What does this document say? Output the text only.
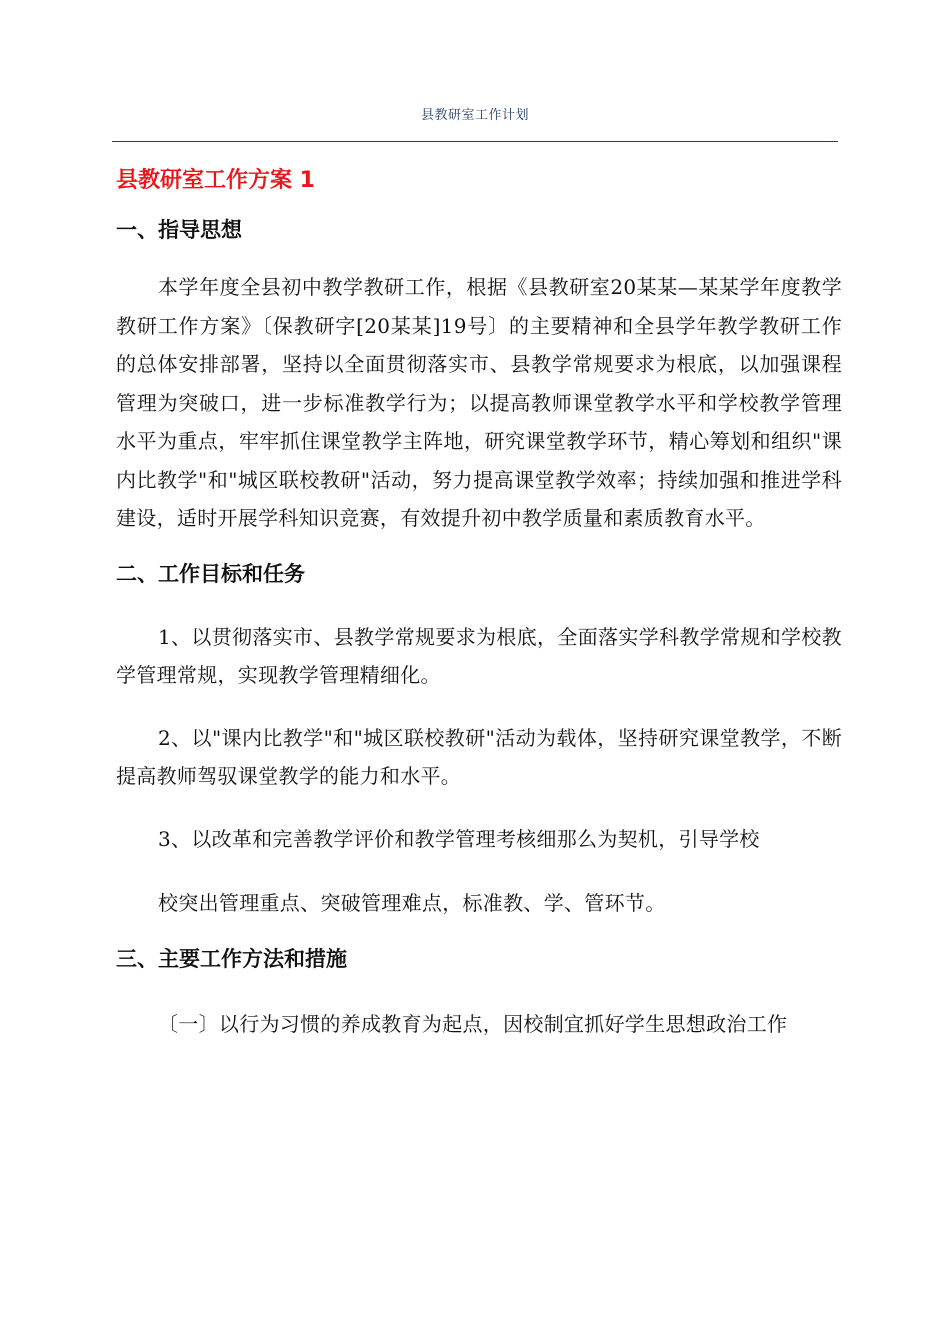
县教研室工作计划
县教研室工作方案 1
一、指导思想

本学年度全县初中教学教研工作，根据《县教研室20某某—某某学年度教学教研工作方案》〔保教研字[20某某]19号〕的主要精神和全县学年教学教研工作的总体安排部署，坚持以全面贯彻落实市、县教学常规要求为根底，以加强课程管理为突破口，进一步标准教学行为；以提高教师课堂教学水平和学校教学管理水平为重点，牢牢抓住课堂教学主阵地，研究课堂教学环节，精心筹划和组织"课内比教学"和"城区联校教研"活动，努力提高课堂教学效率；持续加强和推进学科建设，适时开展学科知识竞赛，有效提升初中教学质量和素质教育水平。

二、工作目标和任务

1、以贯彻落实市、县教学常规要求为根底，全面落实学科教学常规和学校教学管理常规，实现教学管理精细化。

2、以"课内比教学"和"城区联校教研"活动为载体，坚持研究课堂教学，不断提高教师驾驭课堂教学的能力和水平。

3、以改革和完善教学评价和教学管理考核细那么为契机，引导学校

校突出管理重点、突破管理难点，标准教、学、管环节。

三、主要工作方法和措施

〔一〕以行为习惯的养成教育为起点，因校制宜抓好学生思想政治工作
